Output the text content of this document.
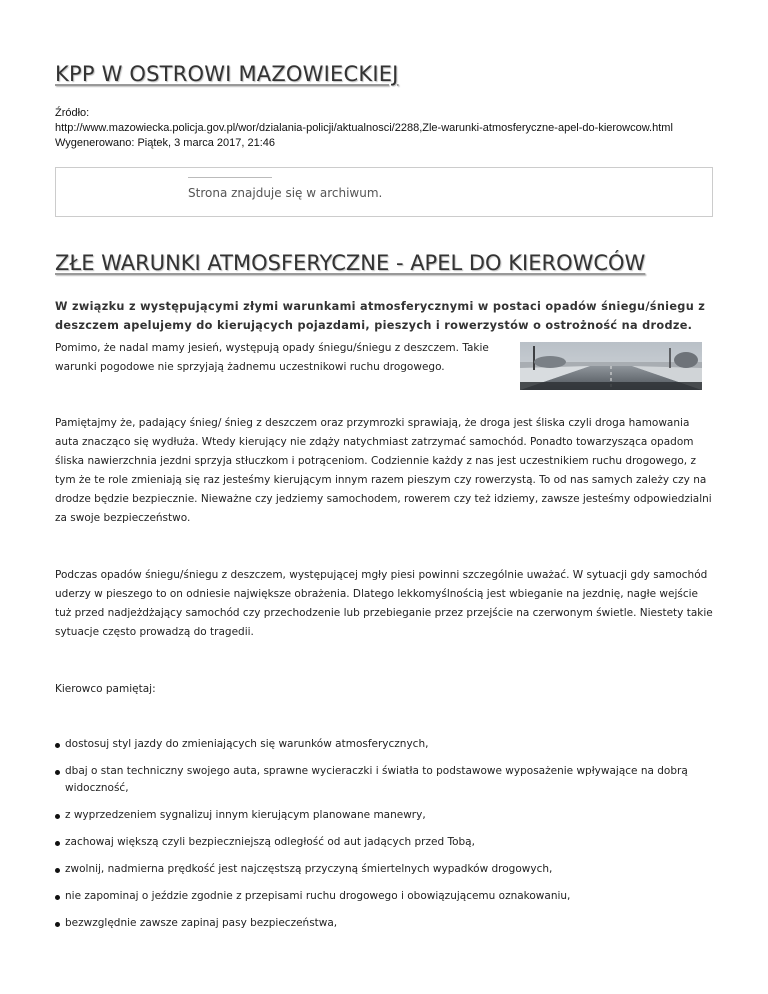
KPP W OSTROWI MAZOWIECKIEJ
Źródło:
http://www.mazowiecka.policja.gov.pl/wor/dzialania-policji/aktualnosci/2288,Zle-warunki-atmosferyczne-apel-do-kierowcow.html
Wygenerowano: Piątek, 3 marca 2017, 21:46
Strona znajduje się w archiwum.
ZŁE WARUNKI ATMOSFERYCZNE - APEL DO KIEROWCÓW
W związku z występującymi złymi warunkami atmosferycznymi w postaci opadów śniegu/śniegu z deszczem apelujemy do kierujących pojazdami, pieszych i rowerzystów o ostrożność na drodze.

Pomimo, że nadal mamy jesień, występują opady śniegu/śniegu z deszczem. Takie warunki pogodowe nie sprzyjają żadnemu uczestnikowi ruchu drogowego.

Pamiętajmy że, padający śnieg/ śnieg z deszczem oraz przymrozki sprawiają, że droga jest śliska czyli droga hamowania auta znacząco się wydłuża. Wtedy kierujący nie zdąży natychmiast zatrzymać samochód. Ponadto towarzysząca opadom śliska nawierzchnia jezdni sprzyja stłuczkom i potrąceniom. Codziennie każdy z nas jest uczestnikiem ruchu drogowego, z tym że te role zmieniają się raz jesteśmy kierującym innym razem pieszym czy rowerzystą. To od nas samych zależy czy na drodze będzie bezpiecznie. Nieważne czy jedziemy samochodem, rowerem czy też idziemy, zawsze jesteśmy odpowiedzialni za swoje bezpieczeństwo.

Podczas opadów śniegu/śniegu z deszczem, występującej mgły piesi powinni szczególnie uważać. W sytuacji gdy samochód uderzy w pieszego to on odniesie największe obrażenia. Dlatego lekkomyślnością jest wbieganie na jezdnię, nagłe wejście tuż przed nadjeżdżający samochód czy przechodzenie lub przebieganie przez przejście na czerwonym świetle. Niestety takie sytuacje często prowadzą do tragedii.

Kierowco pamiętaj:

dostosuj styl jazdy do zmieniających się warunków atmosferycznych,
dbaj o stan techniczny swojego auta, sprawne wycieraczki i światła to podstawowe wyposażenie wpływające na dobrą widoczność,
z wyprzedzeniem sygnalizuj innym kierującym planowane manewry,
zachowaj większą czyli bezpieczniejszą odległość od aut jadących przed Tobą,
zwolnij, nadmierna prędkość jest najczęstszą przyczyną śmiertelnych wypadków drogowych,
nie zapominaj o jeździe zgodnie z przepisami ruchu drogowego i obowiązującemu oznakowaniu,
bezwzględnie zawsze zapinaj pasy bezpieczeństwa,
